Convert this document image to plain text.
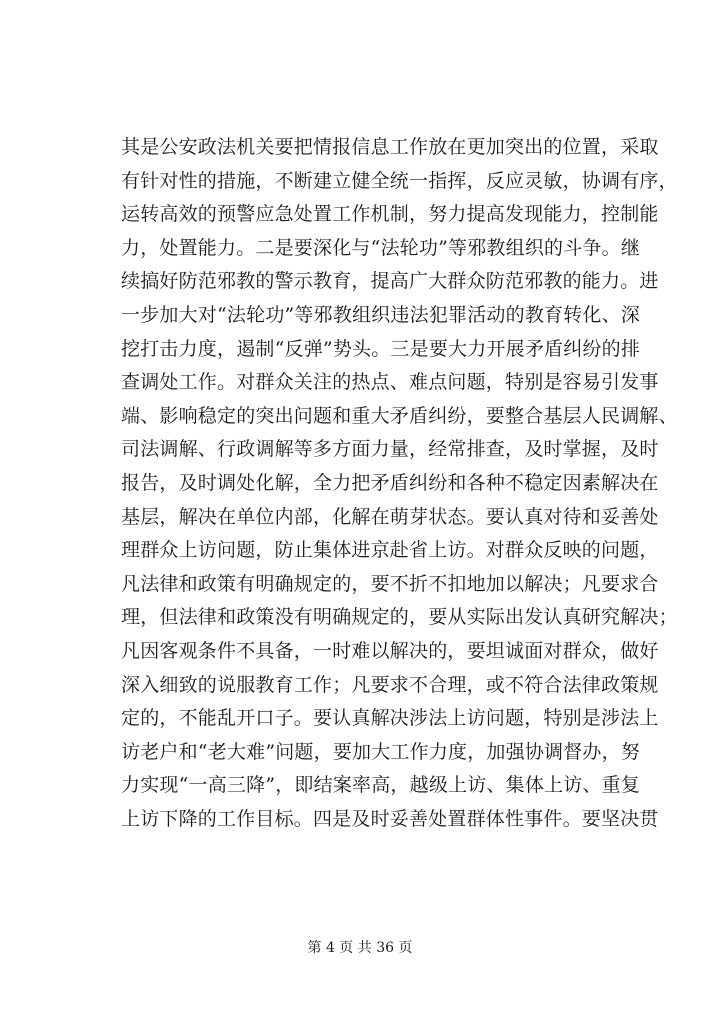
其是公安政法机关要把情报信息工作放在更加突出的位置，采取
有针对性的措施，不断建立健全统一指挥，反应灵敏，协调有序，
运转高效的预警应急处置工作机制，努力提高发现能力，控制能
力，处置能力。二是要深化与“法轮功”等邪教组织的斗争。继
续搞好防范邪教的警示教育，提高广大群众防范邪教的能力。进
一步加大对“法轮功”等邪教组织违法犯罪活动的教育转化、深
挖打击力度，遏制“反弹”势头。三是要大力开展矛盾纠纷的排
查调处工作。对群众关注的热点、难点问题，特别是容易引发事
端、影响稳定的突出问题和重大矛盾纠纷，要整合基层人民调解、
司法调解、行政调解等多方面力量，经常排查，及时掌握，及时
报告，及时调处化解，全力把矛盾纠纷和各种不稳定因素解决在
基层，解决在单位内部，化解在萌芽状态。要认真对待和妥善处
理群众上访问题，防止集体进京赴省上访。对群众反映的问题，
凡法律和政策有明确规定的，要不折不扣地加以解决；凡要求合
理，但法律和政策没有明确规定的，要从实际出发认真研究解决；
凡因客观条件不具备，一时难以解决的，要坦诚面对群众，做好
深入细致的说服教育工作；凡要求不合理，或不符合法律政策规
定的，不能乱开口子。要认真解决涉法上访问题，特别是涉法上
访老户和“老大难”问题，要加大工作力度，加强协调督办，努
力实现“一高三降”，即结案率高，越级上访、集体上访、重复
上访下降的工作目标。四是及时妥善处置群体性事件。要坚决贯
第 4 页 共 36 页
